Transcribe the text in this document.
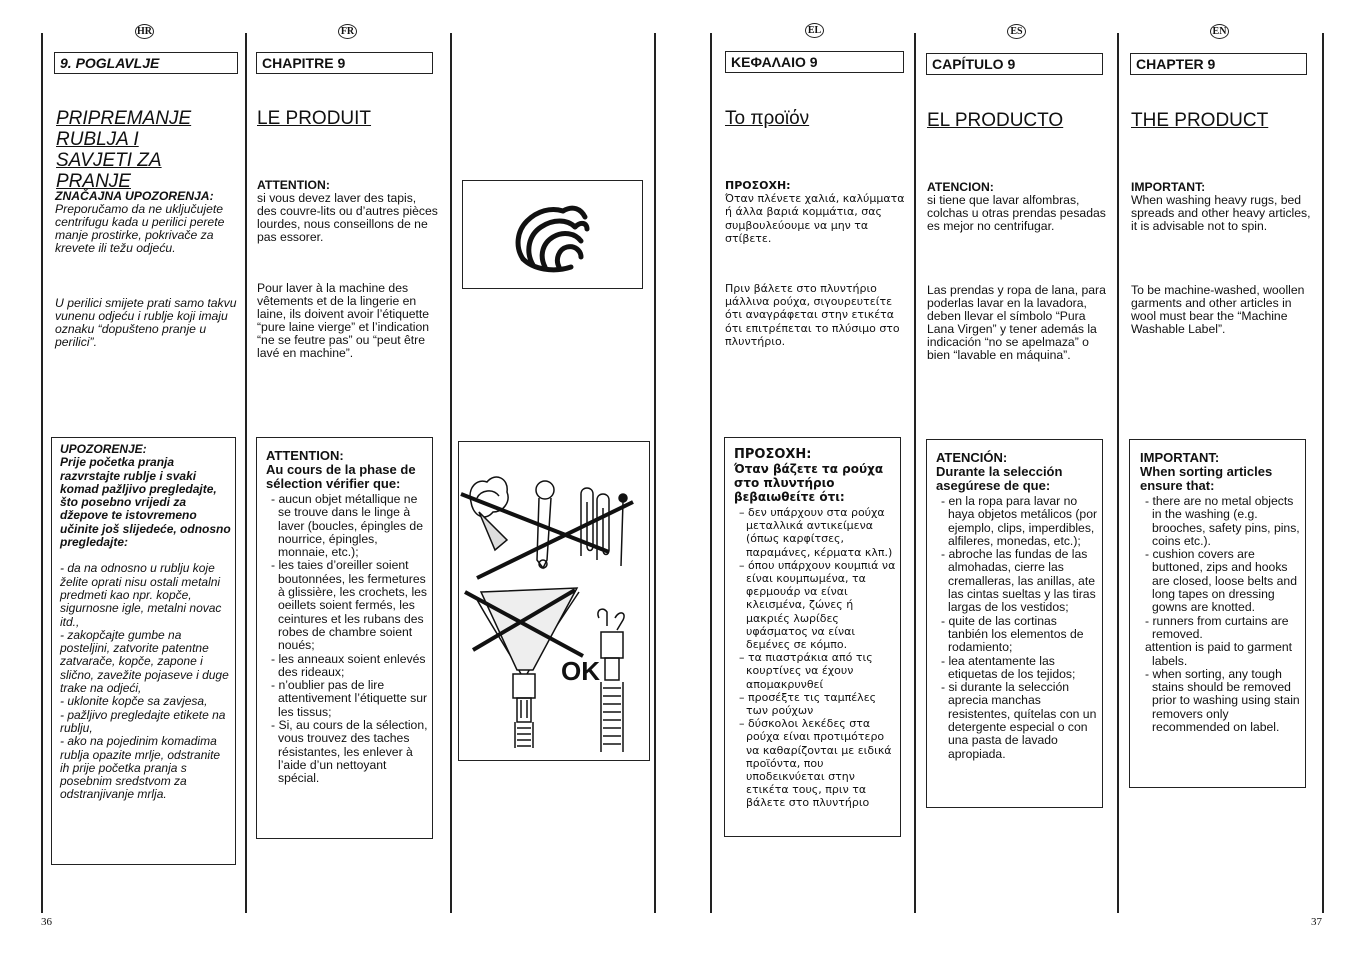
HR	FR	EL	ES	EN
9. POGLAVLJE
PRIPREMANJE
RUBLJA I
SAVJETI ZA PRANJE
ZNAČAJNA UPOZORENJA:
Preporučamo da ne uključujete centrifugu kada u perilici perete manje prostirke, pokrivače za krevete ili težu odjeću.
U perilici smijete prati samo takvu vunenu odjeću i rublje koji imaju oznaku “dopušteno pranje u perilici”.
UPOZORENJE:
Prije početka pranja razvrstajte rublje i svaki komad pažljivo pregledajte, što posebno vrijedi za džepove te istovremeno učinite još slijedeće, odnosno pregledajte:
- da na odnosno u rublju koje želite oprati nisu ostali metalni predmeti kao npr. kopče, sigurnosne igle, metalni novac itd.,
- zakopčajte gumbe na posteljini, zatvorite patentne zatvarače, kopče, zapone i slično, zavežite pojaseve i duge trake na odjeći,
- uklonite kopče sa zavjesa,
- pažljivo pregledajte etikete na rublju,
- ako na pojedinim komadima rublja opazite mrlje, odstranite ih prije početka pranja s posebnim sredstvom za odstranjivanje mrlja.
CHAPITRE 9
LE PRODUIT
ATTENTION:
si vous devez laver des tapis, des couvre-lits ou d’autres pièces lourdes, nous conseillons de ne pas essorer.
Pour laver à la machine des vêtements et de la lingerie en laine, ils doivent avoir l’étiquette “pure laine vierge” et l’indication “ne se feutre pas” ou “peut être lavé en machine”.
ATTENTION:
Au cours de la phase de sélection vérifier que:
- aucun objet métallique ne se trouve dans le linge à laver (boucles, épingles de nourrice, épingles, monnaie, etc.);
- les taies d’oreiller soient boutonnées, les fermetures à glissière, les crochets, les oeillets soient fermés, les ceintures et les rubans des robes de chambre soient noués;
- les anneaux soient enlevés des rideaux;
- n’oublier pas de lire attentivement l’étiquette sur les tissus;
- Si, au cours de la sélection, vous trouvez des taches résistantes, les enlever à l’aide d’un nettoyant spécial.
OK
ΚΕΦΑΛΑΙΟ 9
Το προϊόν
ΠΡΟΣΟΧΗ:
Όταν πλένετε χαλιά, καλύμματα ή άλλα βαριά κομμάτια, σας συμβουλεύουμε να μην τα στίβετε.
Πριν βάλετε στο πλυντήριο μάλλινα ρούχα, σιγουρευτείτε ότι αναγράφεται στην ετικέτα ότι επιτρέπεται το πλύσιμο στο πλυντήριο.
ΠΡΟΣΟΧΗ:
Όταν βάζετε τα ρούχα στο πλυντήριο βεβαιωθείτε ότι:
– δεν υπάρχουν στα ρούχα μεταλλικά αντικείμενα (όπως καρφίτσες, παραμάνες, κέρματα κλπ.)
– όπου υπάρχουν κουμπιά να είναι κουμπωμένα, τα φερμουάρ να είναι κλεισμένα, ζώνες ή μακριές λωρίδες υφάσματος να είναι δεμένες σε κόμπο.
– τα πιαστράκια από τις κουρτίνες να έχουν απομακρυνθεί
– προσέξτε τις ταμπέλες των ρούχων
– δύσκολοι λεκέδες στα ρούχα είναι προτιμότερο να καθαρίζονται με ειδικά προϊόντα, που υποδεικνύεται στην ετικέτα τους, πριν τα βάλετε στο πλυντήριο
CAPÍTULO 9
EL PRODUCTO
ATENCION:
si tiene que lavar alfombras, colchas u otras prendas pesadas es mejor no centrifugar.
Las prendas y ropa de lana, para poderlas lavar en la lavadora, deben llevar el símbolo “Pura Lana Virgen” y tener además la indicación “no se apelmaza” o bien “lavable en máquina”.
ATENCIÓN:
Durante la selección asegúrese de que:
- en la ropa para lavar no haya objetos metálicos (por ejemplo, clips, imperdibles, alfileres, monedas, etc.);
- abroche las fundas de las almohadas, cierre las cremalleras, las anillas, ate las cintas sueltas y las tiras largas de los vestidos;
- quite de las cortinas tanbién los elementos de rodamiento;
- lea atentamente las etiquetas de los tejidos;
- si durante la selección aprecia manchas resistentes, quítelas con un detergente especial o con una pasta de lavado apropiada.
CHAPTER 9
THE PRODUCT
IMPORTANT:
When washing heavy rugs, bed spreads and other heavy articles, it is advisable not to spin.
To be machine-washed, woollen garments and other articles in wool must bear the “Machine Washable Label”.
IMPORTANT:
When sorting articles ensure that:
- there are no metal objects in the washing (e.g. brooches, safety pins, pins, coins etc.).
- cushion covers are buttoned, zips and hooks are closed, loose belts and long tapes on dressing gowns are knotted.
- runners from curtains are removed.
attention is paid to garment labels.
- when sorting, any tough stains should be removed prior to washing using stain removers only recommended on label.
36	37
